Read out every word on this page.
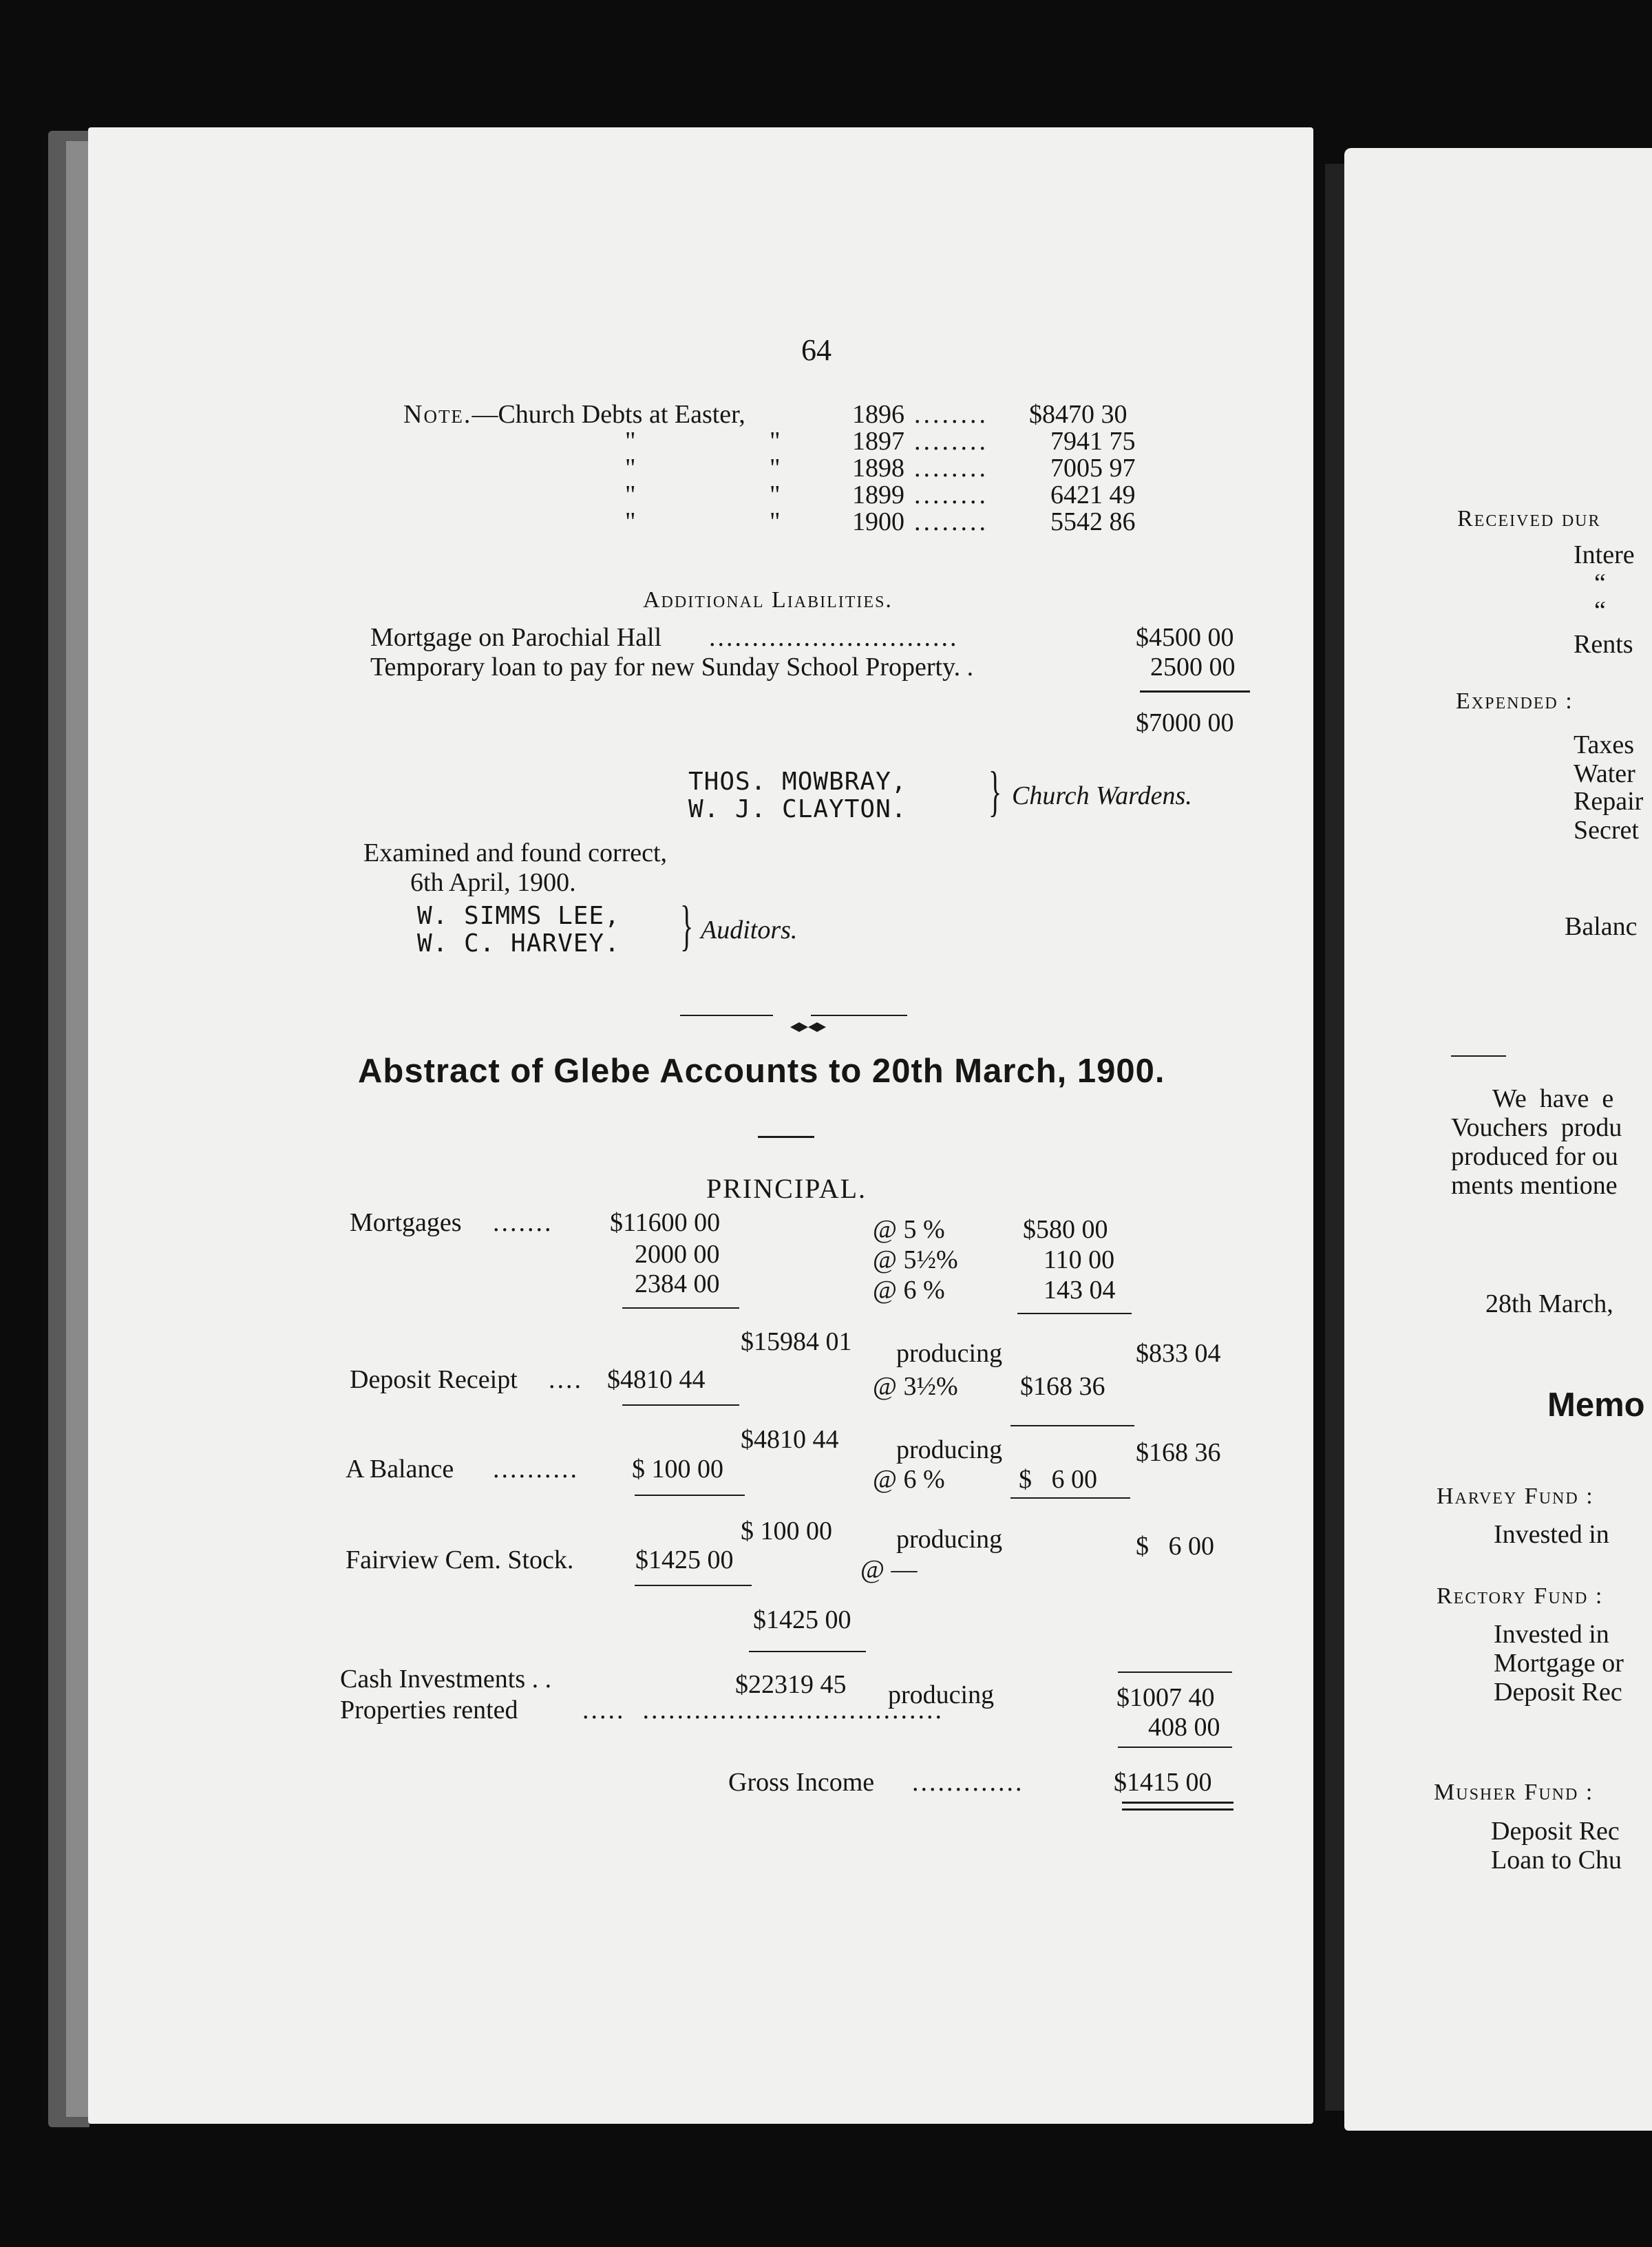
64
Note.—Church Debts at Easter,	1896 ........ $8470 30
"	"	1897 ........ 7941 75
"	"	1898 ........ 7005 97
"	"	1899 ........ 6421 49
"	"	1900 ........ 5542 86
Additional Liabilities.
Mortgage on Parochial Hall .............................	$4500 00
Temporary loan to pay for new Sunday School Property. .	2500 00
$7000 00
THOS. MOWBRAY,
W. J. CLAYTON. } Church Wardens.
Examined and found correct,
6th April, 1900.
W. SIMMS LEE,
W. C. HARVEY. } Auditors.

Abstract of Glebe Accounts to 20th March, 1900.
PRINCIPAL.
Mortgages ....... $11600 00	@ 5 %	$580 00
2000 00	@ 5½%	110 00
2384 00	@ 6 %	143 04
$15984 01 producing	$833 04
Deposit Receipt .... $4810 44	@ 3½% $168 36
$4810 44 producing	$168 36
A Balance .......... $ 100 00	@ 6 %	$   6 00
$ 100 00 producing	$   6 00
Fairview Cem. Stock. $1425 00	@ —
$1425 00
Cash Investments . .	$22319 45 producing	$1007 40
Properties rented .....  ...................................
408 00
Gross Income .............	$1415 00
Received dur
Intere
“
“
Rents
Expended :
Taxes
Water
Repair
Secret
Balanc
We  have  e
Vouchers  produ
produced for ou
ments mentione
28th March,
Memo
Harvey Fund :
Invested in
Rectory Fund :
Invested in
Mortgage or
Deposit Rec
Musher Fund :
Deposit Rec
Loan to Chu
